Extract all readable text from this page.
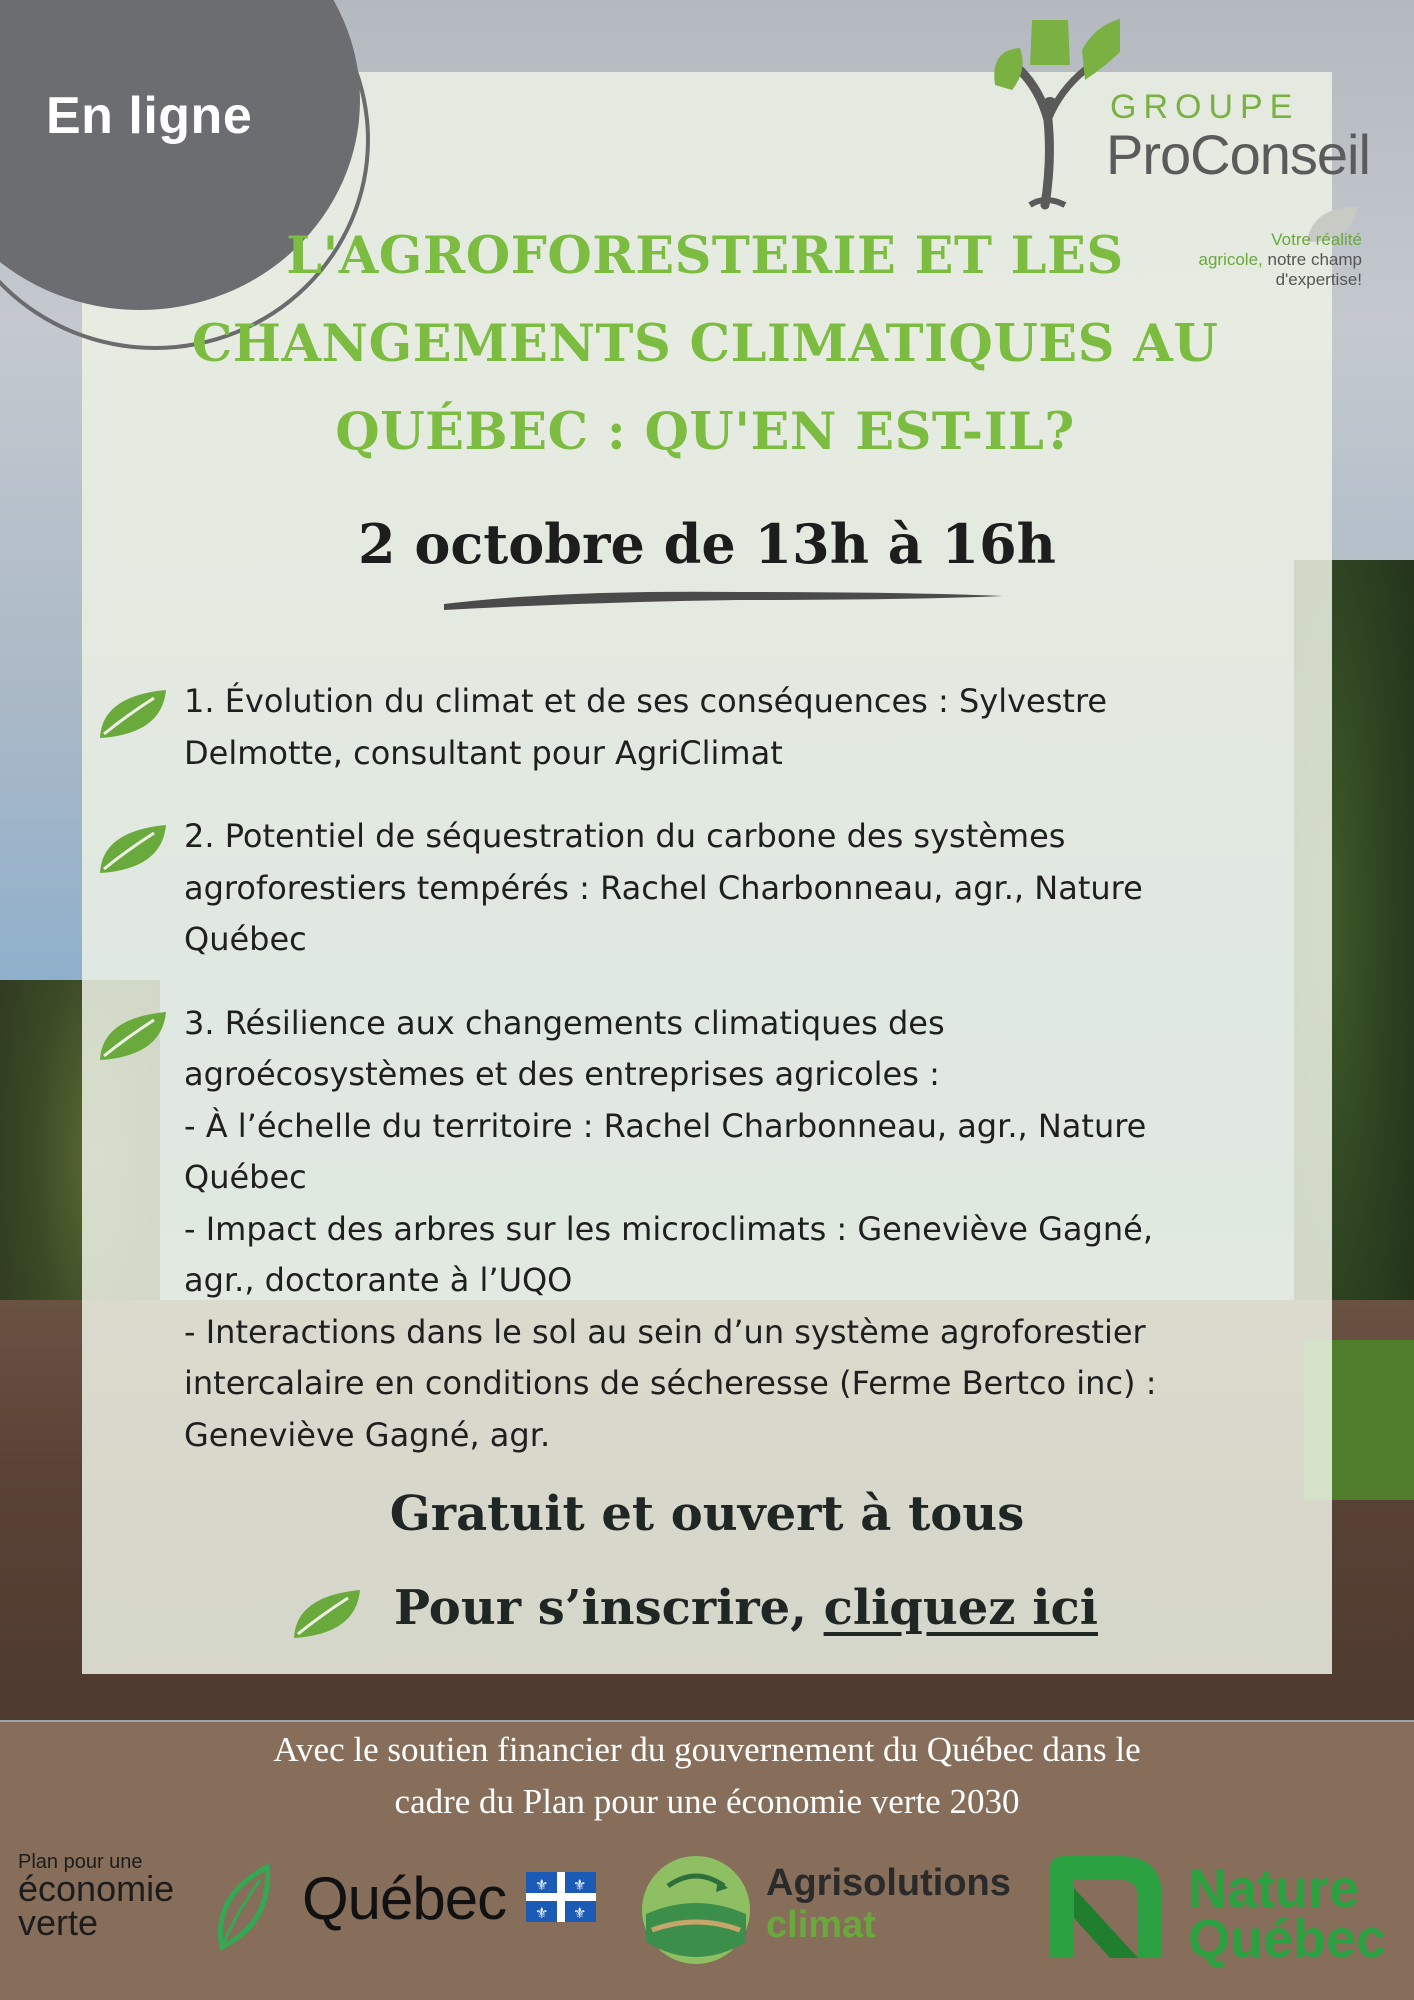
En ligne	GROUPE
ProConseil
Votre réalité
agricole, notre champ
d'expertise!
L'AGROFORESTERIE ET LES
CHANGEMENTS CLIMATIQUES AU
QUÉBEC : QU'EN EST-IL?
2 octobre de 13h à 16h
1. Évolution du climat et de ses conséquences : Sylvestre
Delmotte, consultant pour AgriClimat
2. Potentiel de séquestration du carbone des systèmes
agroforestiers tempérés : Rachel Charbonneau, agr., Nature
Québec
3. Résilience aux changements climatiques des
agroécosystèmes et des entreprises agricoles :
- À l’échelle du territoire : Rachel Charbonneau, agr., Nature
Québec
- Impact des arbres sur les microclimats : Geneviève Gagné,
agr., doctorante à l’UQO
- Interactions dans le sol au sein d’un système agroforestier
intercalaire en conditions de sécheresse (Ferme Bertco inc) :
Geneviève Gagné, agr.
Gratuit et ouvert à tous
Pour s’inscrire, cliquez ici
Avec le soutien financier du gouvernement du Québec dans le
cadre du Plan pour une économie verte 2030
Plan pour une
économie
verte	Québec ⚜ ⚜
⚜ ⚜
Agrisolutions
climat
Nature
Québec
